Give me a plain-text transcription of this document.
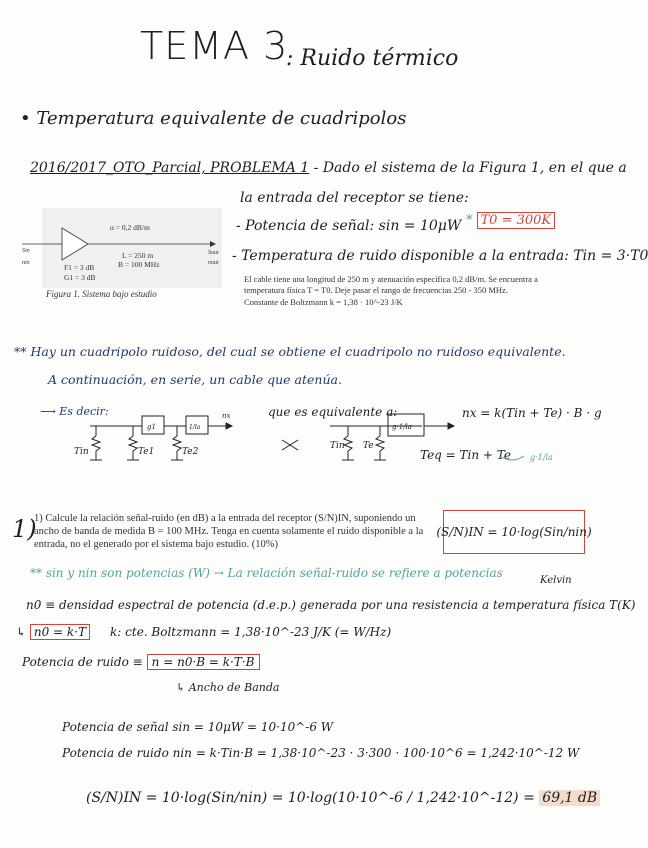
TEMA 3
: Ruido térmico
• Temperatura equivalente de cuadripolos
2016/2017_OTO_Parcial, PROBLEMA 1 - Dado el sistema de la Figura 1, en el que a
la entrada del receptor se tiene:
Sin
nin
Sout
nout
α = 0,2 dB/m
F1 = 3 dB
G1 = 3 dB
L = 250 m
B = 100 MHz
Figura 1. Sistema bajo estudio
- Potencia de señal: sin = 10μW
- Temperatura de ruido disponible a la entrada: Tin = 3·T0
* T0 = 300K
El cable tiene una longitud de 250 m y atenuación específica 0,2 dB/m. Se encuentra a temperatura física T = T0. Deje pasar el rango de frecuencias 250 - 350 MHz.
Constante de Boltzmann k = 1,38 · 10^-23 J/K
** Hay un cuadripolo ruidoso, del cual se obtiene el cuadripolo no ruidoso equivalente.
A continuación, en serie, un cable que atenúa.
⟶ Es decir:	que es equivalente a:	nx = k(Tin + Te) · B · g
Teq = Tin + Te
Tin	Te1	Te2
g1	1/la
nx
Tin Te
g·1/la
g·1/la
1)
1) Calcule la relación señal-ruido (en dB) a la entrada del receptor (S/N)IN, suponiendo un ancho de banda de medida B = 100 MHz. Tenga en cuenta solamente el ruido disponible a la entrada, no el generado por el sistema bajo estudio. (10%)
(S/N)IN = 10·log(Sin/nin)
** sin y nin son potencias (W) → La relación señal-ruido se refiere a potencias
Kelvin
n0 ≡ densidad espectral de potencia (d.e.p.) generada por una resistencia a temperatura física T(K)
↳ n0 = k·T k: cte. Boltzmann = 1,38·10^-23 J/K (= W/Hz)
Potencia de ruido ≡ n = n0·B = k·T·B
↳ Ancho de Banda
Potencia de señal sin = 10μW = 10·10^-6 W
Potencia de ruido nin = k·Tin·B = 1,38·10^-23 · 3·300 · 100·10^6 = 1,242·10^-12 W
(S/N)IN = 10·log(Sin/nin) = 10·log(10·10^-6 / 1,242·10^-12) = 69,1 dB
